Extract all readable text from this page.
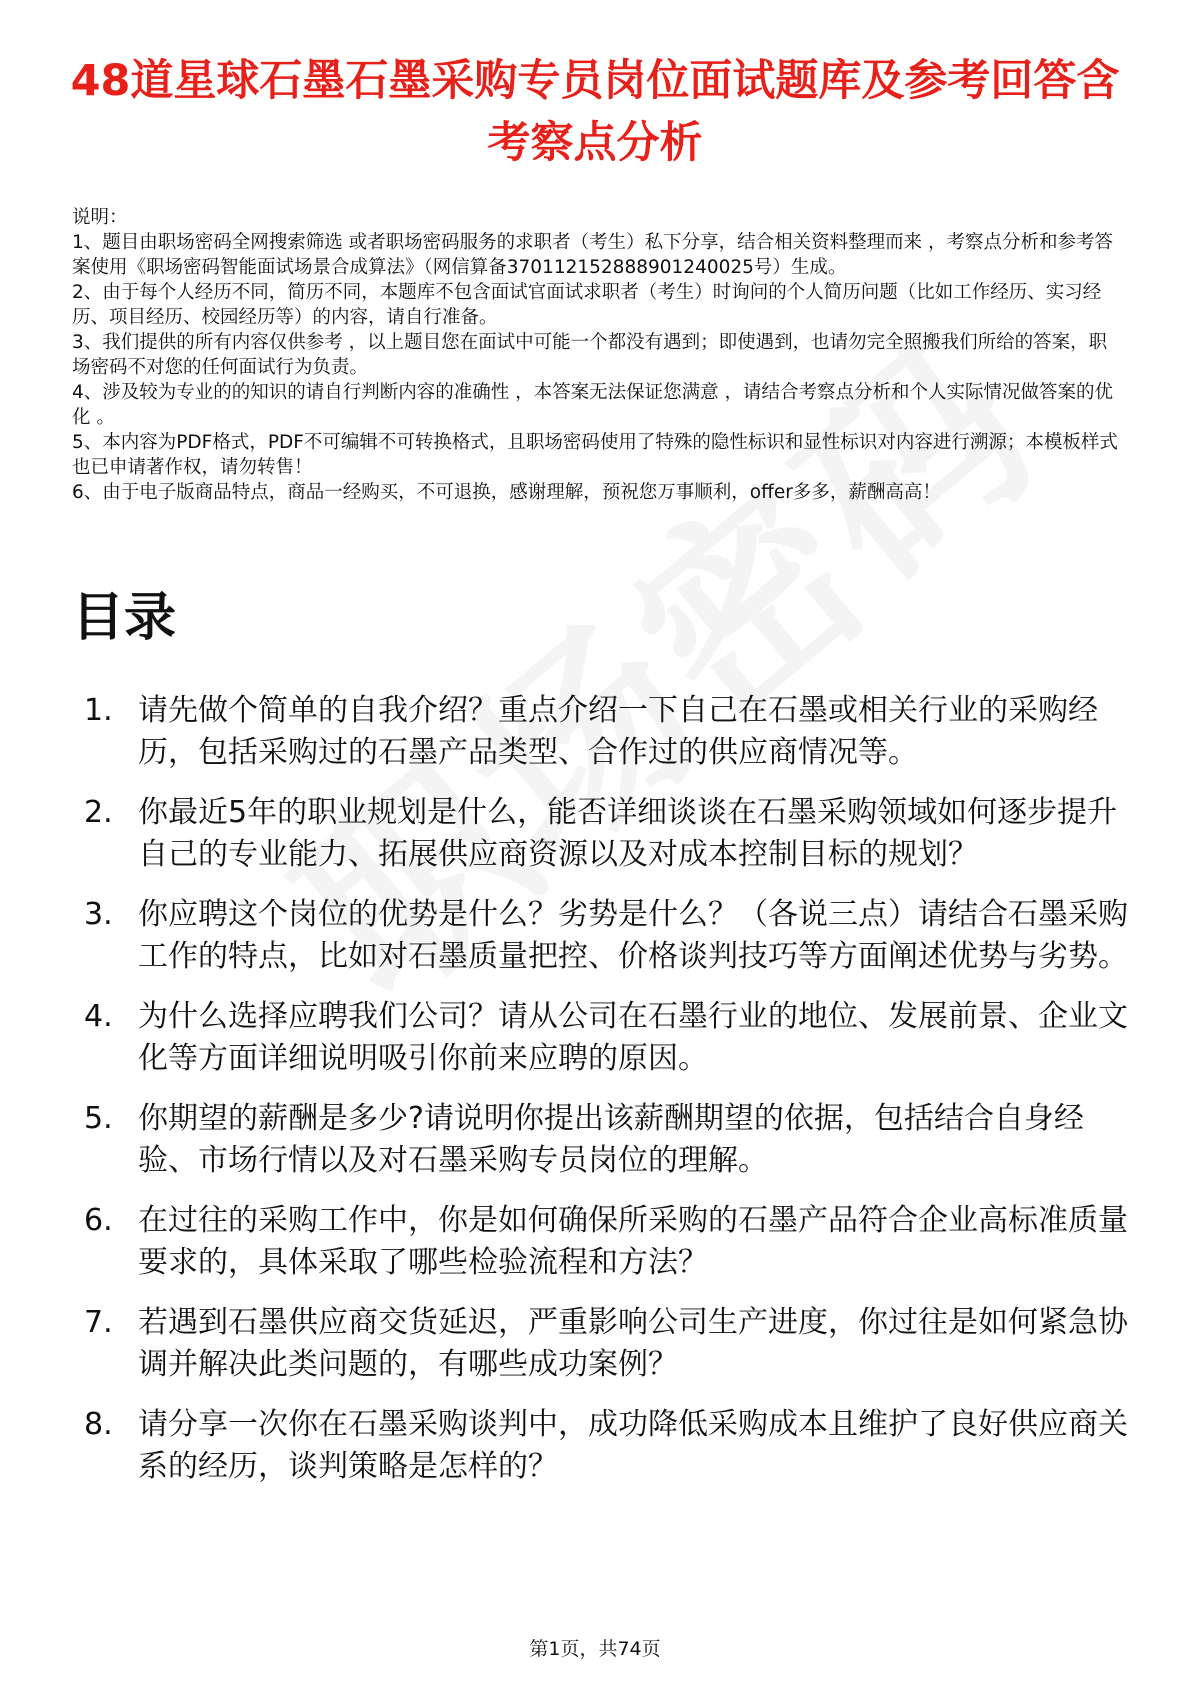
48道星球石墨石墨采购专员岗位面试题库及参考回答含考察点分析
说明：
1、题目由职场密码全网搜索筛选 或者职场密码服务的求职者（考生）私下分享，结合相关资料整理而来 ，考察点分析和参考答案使用《职场密码智能面试场景合成算法》（网信算备370112152888901240025号）生成。
2、由于每个人经历不同，简历不同，本题库不包含面试官面试求职者（考生）时询问的个人简历问题（比如工作经历、实习经历、项目经历、校园经历等）的内容，请自行准备。
3、我们提供的所有内容仅供参考 ，以上题目您在面试中可能一个都没有遇到；即使遇到，也请勿完全照搬我们所给的答案，职场密码不对您的任何面试行为负责。
4、涉及较为专业的的知识的请自行判断内容的准确性 ，本答案无法保证您满意 ，请结合考察点分析和个人实际情况做答案的优化 。
5、本内容为PDF格式，PDF不可编辑不可转换格式，且职场密码使用了特殊的隐性标识和显性标识对内容进行溯源；本模板样式也已申请著作权，请勿转售！
6、由于电子版商品特点，商品一经购买，不可退换，感谢理解，预祝您万事顺利，offer多多，薪酬高高！
目录
1. 请先做个简单的自我介绍？重点介绍一下自己在石墨或相关行业的采购经历，包括采购过的石墨产品类型、合作过的供应商情况等。
2. 你最近5年的职业规划是什么，能否详细谈谈在石墨采购领域如何逐步提升自己的专业能力、拓展供应商资源以及对成本控制目标的规划？
3. 你应聘这个岗位的优势是什么？劣势是什么？（各说三点）请结合石墨采购工作的特点，比如对石墨质量把控、价格谈判技巧等方面阐述优势与劣势。
4. 为什么选择应聘我们公司？请从公司在石墨行业的地位、发展前景、企业文化等方面详细说明吸引你前来应聘的原因。
5. 你期望的薪酬是多少?请说明你提出该薪酬期望的依据，包括结合自身经验、市场行情以及对石墨采购专员岗位的理解。
6. 在过往的采购工作中，你是如何确保所采购的石墨产品符合企业高标准质量要求的，具体采取了哪些检验流程和方法？
7. 若遇到石墨供应商交货延迟，严重影响公司生产进度，你过往是如何紧急协调并解决此类问题的，有哪些成功案例？
8. 请分享一次你在石墨采购谈判中，成功降低采购成本且维护了良好供应商关系的经历，谈判策略是怎样的？
第1页，共74页
